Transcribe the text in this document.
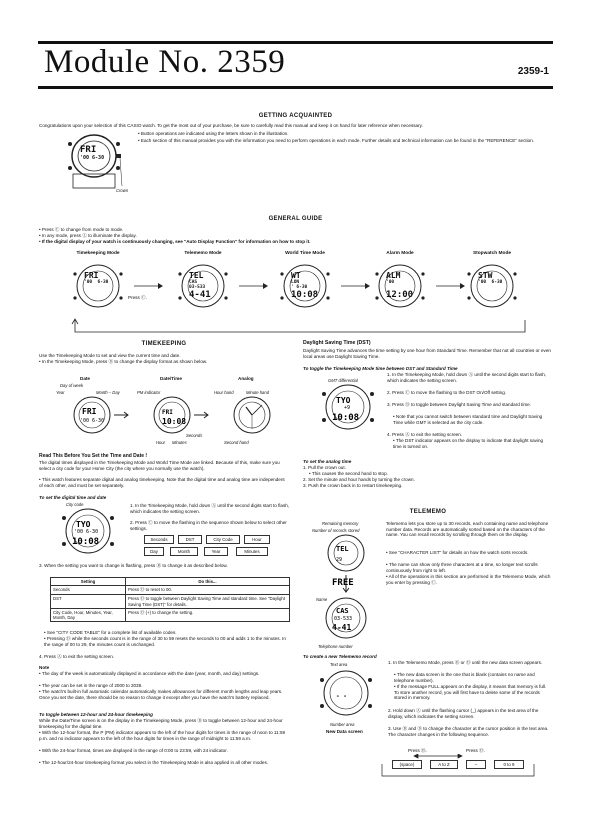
Module No. 2359	2359-1
GETTING ACQUAINTED
Congratulations upon your selection of this CASIO watch. To get the most out of your purchase, be sure to carefully read this manual and keep it on hand for later reference when necessary.
FRI
'00 6-30
Crown
• Button operations are indicated using the letters shown in the illustration.
• Each section of this manual provides you with the information you need to perform operations in each mode. Further details and technical information can be found in the "REFERENCE" section.
GENERAL GUIDE
• Press Ⓒ to change from mode to mode.
• In any mode, press Ⓛ to illuminate the display.
• If the digital display of your watch is continuously changing, see "Auto Display Function" for information on how to stop it.
Timekeeping Mode
FRI
'00  6-30
Telememo Mode
TEL
CAS
03-533
4-41
World Time Mode
WT
LON
' 6-30
10:08
Alarm Mode
ALM
'00
12:00
Stopwatch Mode
STW
'00  6-30
Press Ⓒ.
TIMEKEEPING
Use the Timekeeping Mode to set and view the current time and date.
• In the Timekeeping Mode, press Ⓓ to change the display format as shown below.
Date	Date/Time	Analog
Day of week
Year	Month – Day	PM indicator	Hour hand	Minute hand
FRI
'00 6-30
FRI
10:08
Seconds
Hour Minutes	Second hand
Read This Before You Set the Time and Date !
The digital times displayed in the Timekeeping Mode and World Time Mode are linked. Because of this, make sure you select a city code for your Home City (the city where you normally use the watch).
• This watch features separate digital and analog timekeeping. Note that the digital time and analog time are independent of each other, and must be set separately.
To set the digital time and date
City code
TYO
'00 6-30
10:08
1. In the Timekeeping Mode, hold down Ⓐ until the second digits start to flash, which indicates the setting screen.
2. Press Ⓒ to move the flashing in the sequence shown below to select other settings.
Seconds	DST	City Code	Hour
Day	Month	Year	Minutes
3. When the setting you want to change is flashing, press Ⓑ to change it as described below.
Setting	Do this...
Seconds	Press Ⓓ to reset to 00.
DST	Press Ⓓ to toggle between Daylight Saving Time and standard time. See "Daylight Saving Time (DST)" for details.
City Code, Hour, Minutes, Year, Month, Day	Press Ⓓ (+) to change the setting.
• See "CITY CODE TABLE" for a complete list of available codes.
• Pressing Ⓓ while the seconds count is in the range of 30 to 59 resets the seconds to 00 and adds 1 to the minutes. In the range of 00 to 29, the minutes count is unchanged.
4. Press Ⓐ to exit the setting screen.
Note
• The day of the week is automatically displayed in accordance with the date (year, month, and day) settings.
• The year can be set in the range of 2000 to 2039.
• The watch's built-in full automatic calendar automatically makes allowances for different month lengths and leap years. Once you set the date, there should be no reason to change it except after you have the watch's battery replaced.
To toggle between 12-hour and 24-hour timekeeping
While the Date/Time screen is on the display in the Timekeeping Mode, press Ⓑ to toggle between 12-hour and 24-hour timekeeping for the digital time.
• With the 12-hour format, the P (PM) indicator appears to the left of the hour digits for times in the range of noon to 11:59 p.m. and no indicator appears to the left of the hour digits for times in the range of midnight to 11:59 a.m.
• With the 24-hour format, times are displayed in the range of 0:00 to 23:59, with 24 indicator.
• The 12-hour/24-hour timekeeping format you select in the Timekeeping Mode is also applied in all other modes.
Daylight Saving Time (DST)
Daylight Saving Time advances the time setting by one hour from Standard Time. Remember that not all countries or even local areas use Daylight Saving Time.
To toggle the Timekeeping Mode time between DST and Standard Time
GMT differential
TYO
+9
10:08
1. In the Timekeeping Mode, hold down Ⓐ until the second digits start to flash, which indicates the setting screen.
2. Press Ⓒ to move the flashing to the DST On/Off setting.
3. Press Ⓓ to toggle between Daylight Saving Time and standard time.
• Note that you cannot switch between standard time and Daylight Saving Time while GMT is selected as the city code.
4. Press Ⓐ to exit the setting screen.
• The DST indicator appears on the display to indicate that daylight saving time is turned on.
To set the analog time
1. Pull the crown out.
• This causes the second hand to stop.
2. Set the minute and hour hands by turning the crown.
3. Push the crown back in to restart timekeeping.
TELEMEMO
Remaining memory
Number of records stored
TEL
29
FREE
CAS
03-533
4-41
Name
Telephone number
Telememo lets you store up to 30 records, each containing name and telephone number data. Records are automatically sorted based on the characters of the name. You can recall records by scrolling through them on the display.
• See "CHARACTER LIST" for details on how the watch sorts records.
• The name can show only three characters at a time, so longer text scrolls continuously from right to left.
• All of the operations in this section are performed in the Telememo Mode, which you enter by pressing Ⓒ.
To create a new Telememo record
Text area
- -
Number area
New Data screen
1. In the Telememo Mode, press Ⓑ or Ⓓ until the new data screen appears.
• The new data screen is the one that is blank (contains no name and telephone number).
• If the message FULL appears on the display, it means that memory is full. To store another record, you will first have to delete some of the records stored in memory.
2. Hold down Ⓐ until the flashing cursor (_) appears in the text area of the display, which indicates the setting screen.
3. Use Ⓑ and Ⓓ to change the character at the cursor position in the text area. The character changes in the following sequence.
Press Ⓑ.	Press Ⓓ.
(space)	A to Z	–	0 to 9
